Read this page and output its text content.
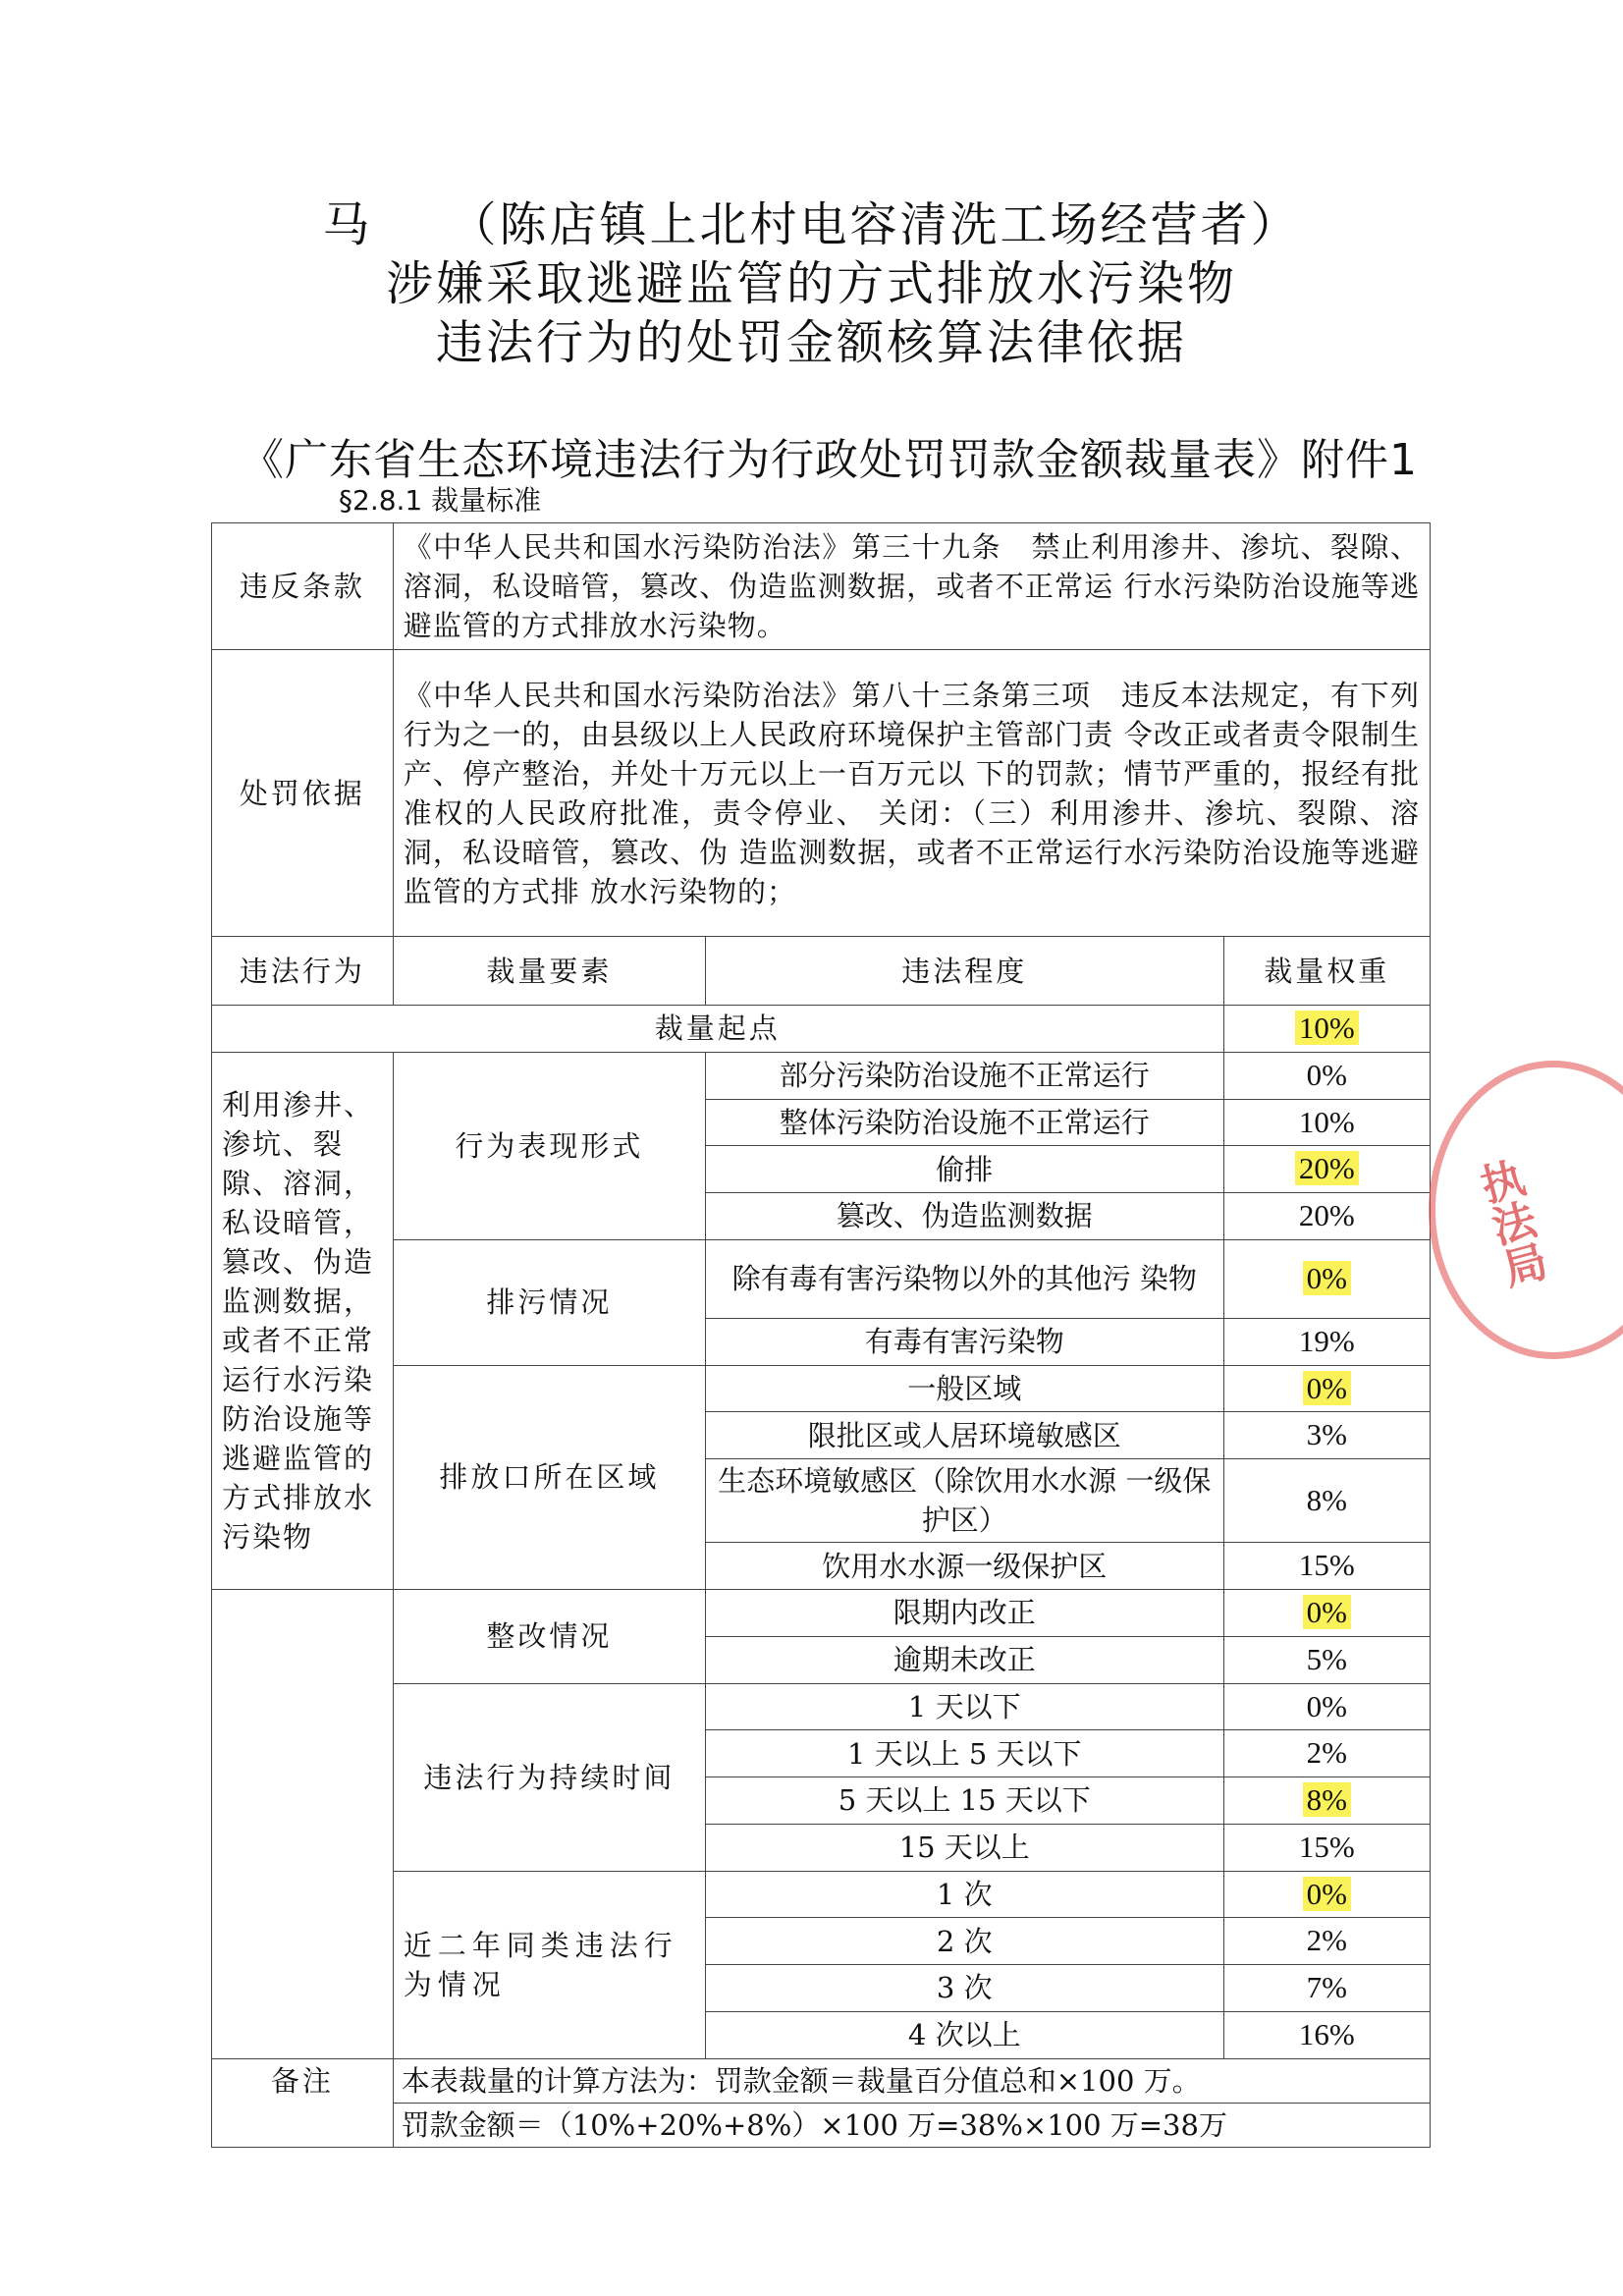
马　　（陈店镇上北村电容清洗工场经营者）
涉嫌采取逃避监管的方式排放水污染物
违法行为的处罚金额核算法律依据
《广东省生态环境违法行为行政处罚罚款金额裁量表》附件1
§2.8.1 裁量标准
违反条款	《中华人民共和国水污染防治法》第三十九条　禁止利用渗井、渗坑、裂隙、溶洞，私设暗管，篡改、伪造监测数据，或者不正常运 行水污染防治设施等逃避监管的方式排放水污染物。		
处罚依据	《中华人民共和国水污染防治法》第八十三条第三项　违反本法规定，有下列行为之一的，由县级以上人民政府环境保护主管部门责 令改正或者责令限制生产、停产整治，并处十万元以上一百万元以 下的罚款；情节严重的，报经有批准权的人民政府批准，责令停业、 关闭：（三）利用渗井、渗坑、裂隙、溶洞，私设暗管，篡改、伪 造监测数据，或者不正常运行水污染防治设施等逃避监管的方式排 放水污染物的；		
违法行为	裁量要素	违法程度	裁量权重
裁量起点			10%
利用渗井、渗坑、裂隙、溶洞，私设暗管，篡改、伪造监测数据，或者不正常运行水污染防治设施等逃避监管的方式排放水污染物	行为表现形式	部分污染防治设施不正常运行	0%
		整体污染防治设施不正常运行	10%
		偷排	20%
		篡改、伪造监测数据	20%
	排污情况	除有毒有害污染物以外的其他污 染物	0%
		有毒有害污染物	19%
	排放口所在区域	一般区域	0%
		限批区或人居环境敏感区	3%
		生态环境敏感区（除饮用水水源 一级保护区）	8%
		饮用水水源一级保护区	15%
	整改情况	限期内改正	0%
		逾期未改正	5%
	违法行为持续时间	1 天以下	0%
		1 天以上 5 天以下	2%
		5 天以上 15 天以下	8%
		15 天以上	15%
	近二年同类违法行 为情况	1 次	0%
		2 次	2%
		3 次	7%
		4 次以上	16%
备注	本表裁量的计算方法为：罚款金额＝裁量百分值总和×100 万。		
	罚款金额＝（10%+20%+8%）×100 万=38%×100 万=38万		
执法局
